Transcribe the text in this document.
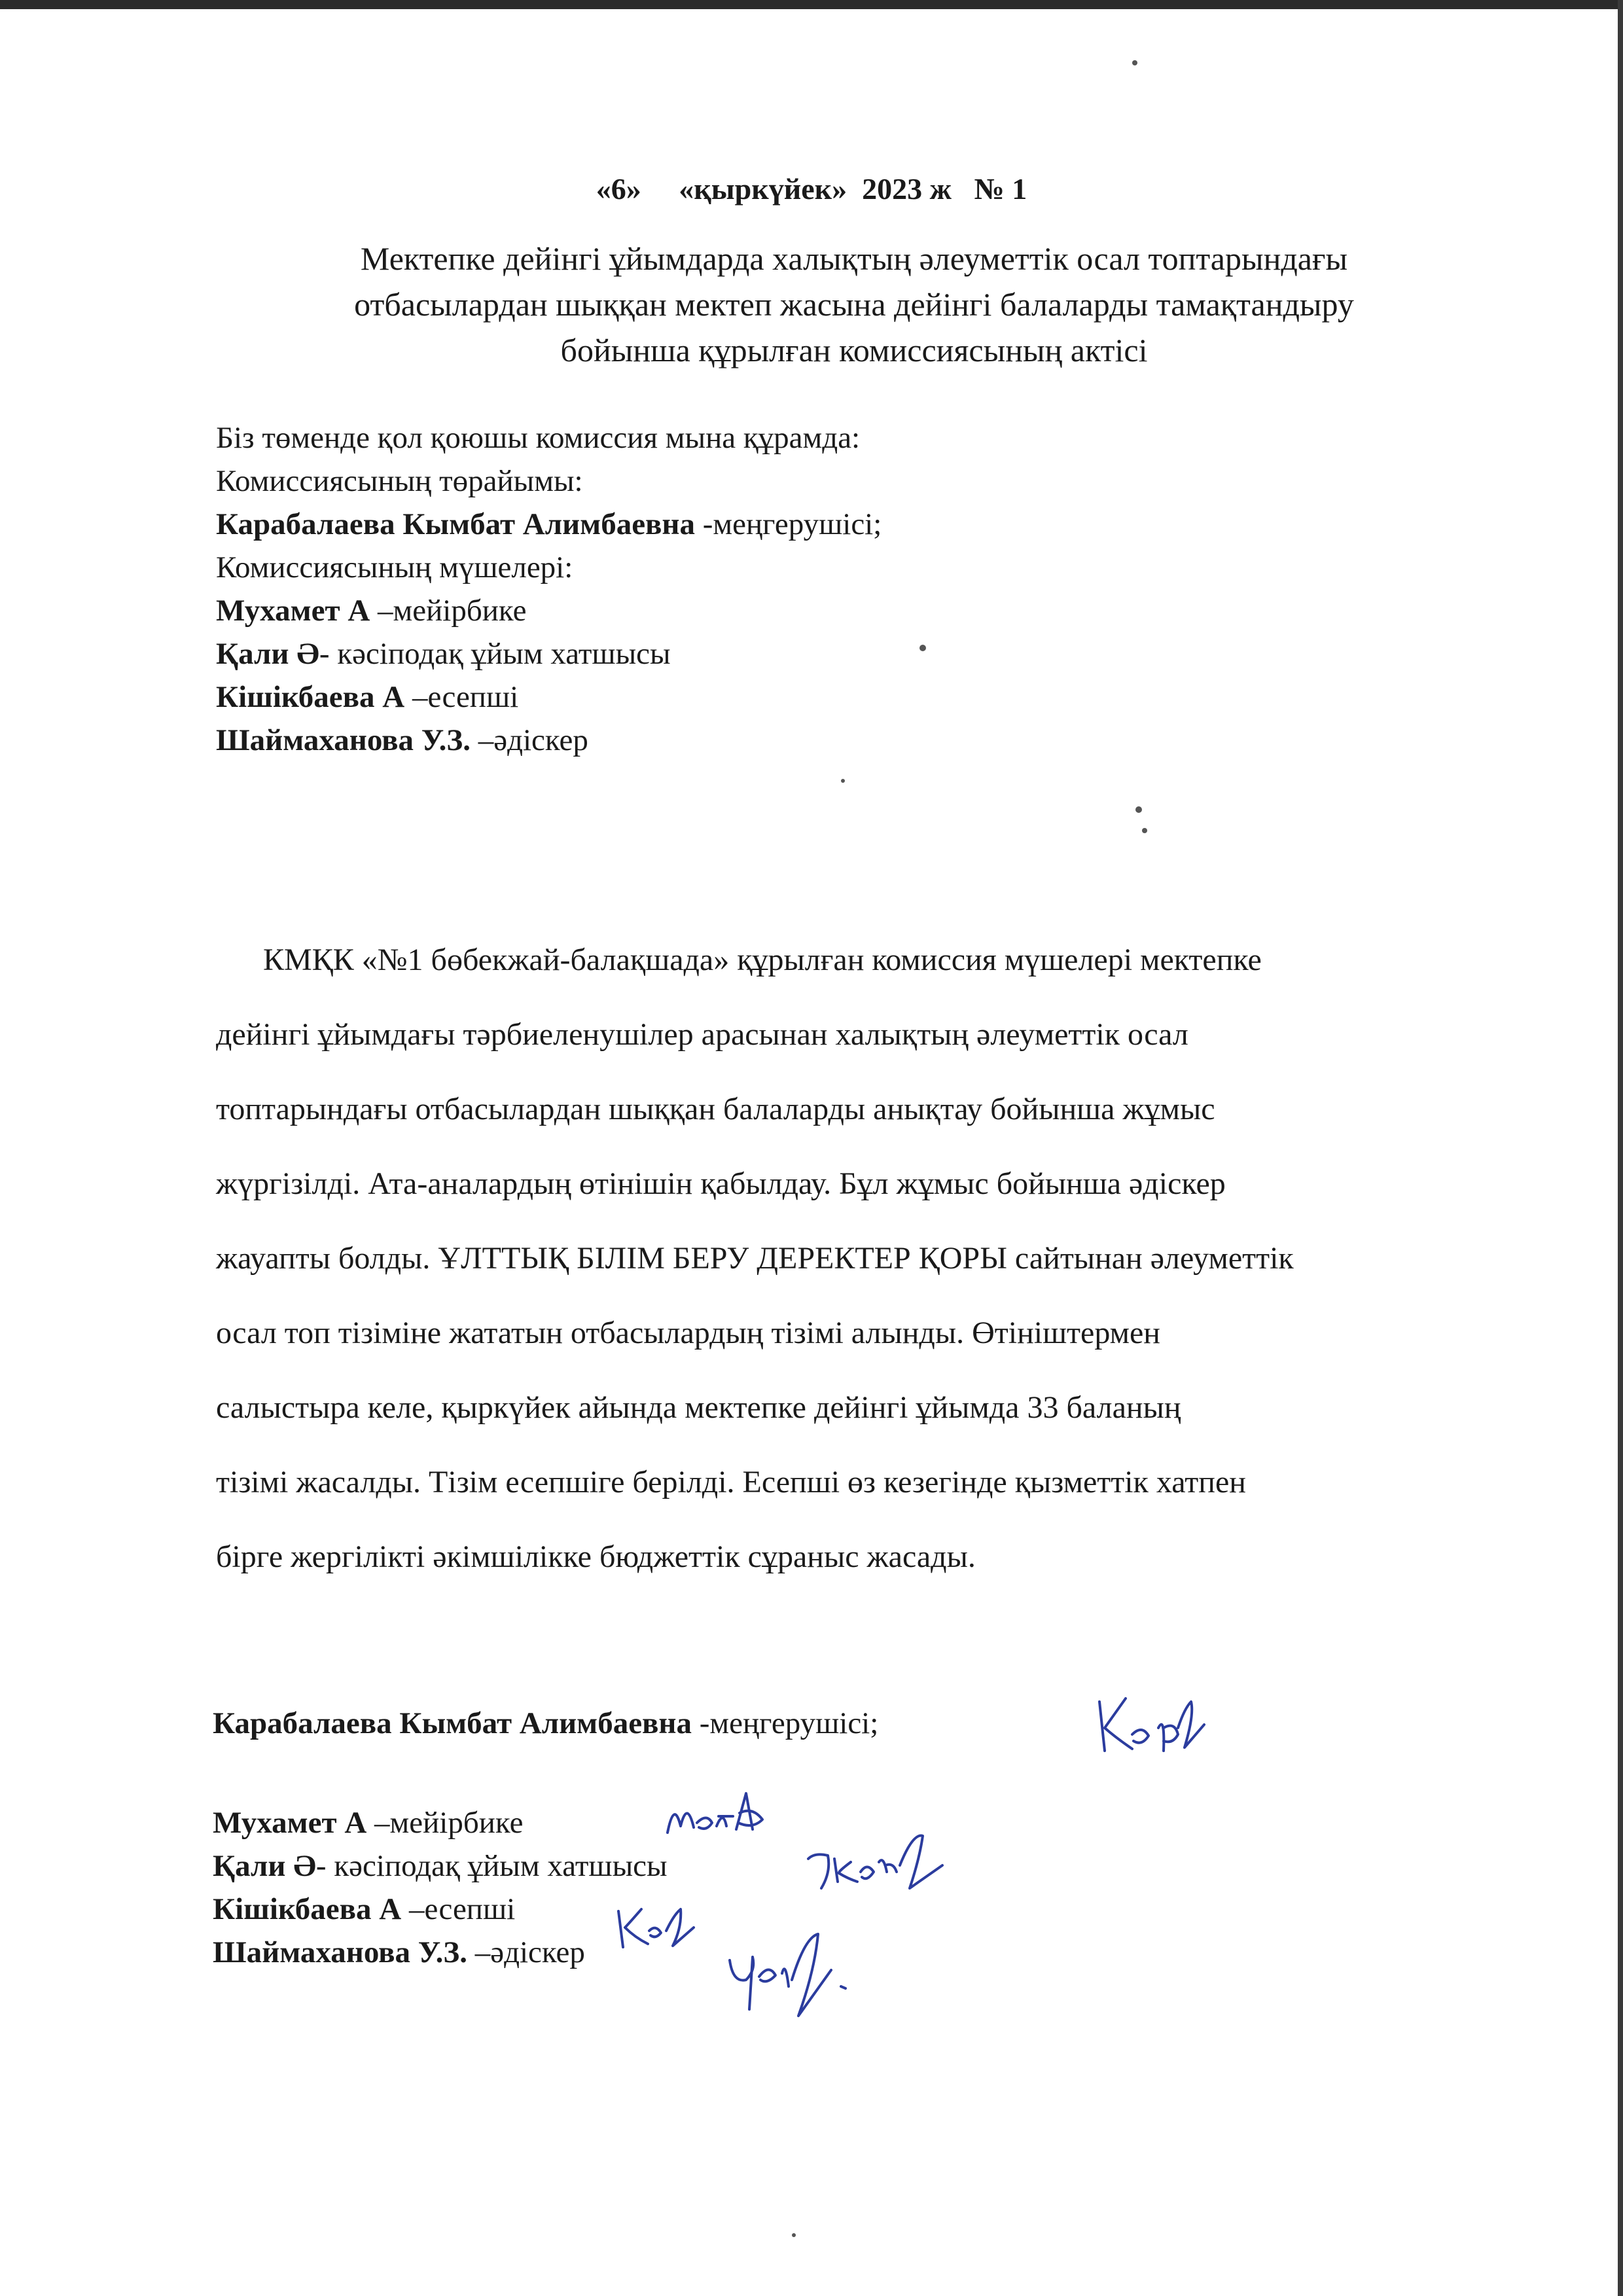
«6»     «қыркүйек»  2023 ж   № 1
Мектепке дейінгі ұйымдарда халықтың әлеуметтік осал топтарындағы
отбасылардан шыққан мектеп жасына дейінгі балаларды тамақтандыру
бойынша құрылған комиссиясының актісі
Біз төменде қол қоюшы комиссия мына құрамда:
Комиссиясының төрайымы:
Карабалаева Кымбат Алимбаевна -меңгерушісі;
Комиссиясының мүшелері:
Мухамет А –мейірбике
Қали Ә- кәсіподақ ұйым хатшысы
Кішікбаева А –есепші
Шаймаханова У.З. –әдіскер
КМҚК «№1 бөбекжай-балақшада» құрылған комиссия мүшелері мектепке
дейінгі ұйымдағы тәрбиеленушілер арасынан халықтың әлеуметтік осал
топтарындағы отбасылардан шыққан балаларды анықтау бойынша жұмыс
жүргізілді. Ата-аналардың өтінішін қабылдау. Бұл жұмыс бойынша әдіскер
жауапты болды. ҰЛТТЫҚ БІЛІМ БЕРУ ДЕРЕКТЕР ҚОРЫ сайтынан әлеуметтік
осал топ тізіміне жататын отбасылардың тізімі алынды. Өтініштермен
салыстыра келе, қыркүйек айында мектепке дейінгі ұйымда 33 баланың
тізімі жасалды. Тізім есепшіге берілді. Есепші өз кезегінде қызметтік хатпен
бірге жергілікті әкімшілікке бюджеттік сұраныс жасады.
Карабалаева Кымбат Алимбаевна -меңгерушісі;
Мухамет А –мейірбике
Қали Ә- кәсіподақ ұйым хатшысы
Кішікбаева А –есепші
Шаймаханова У.З. –әдіскер
